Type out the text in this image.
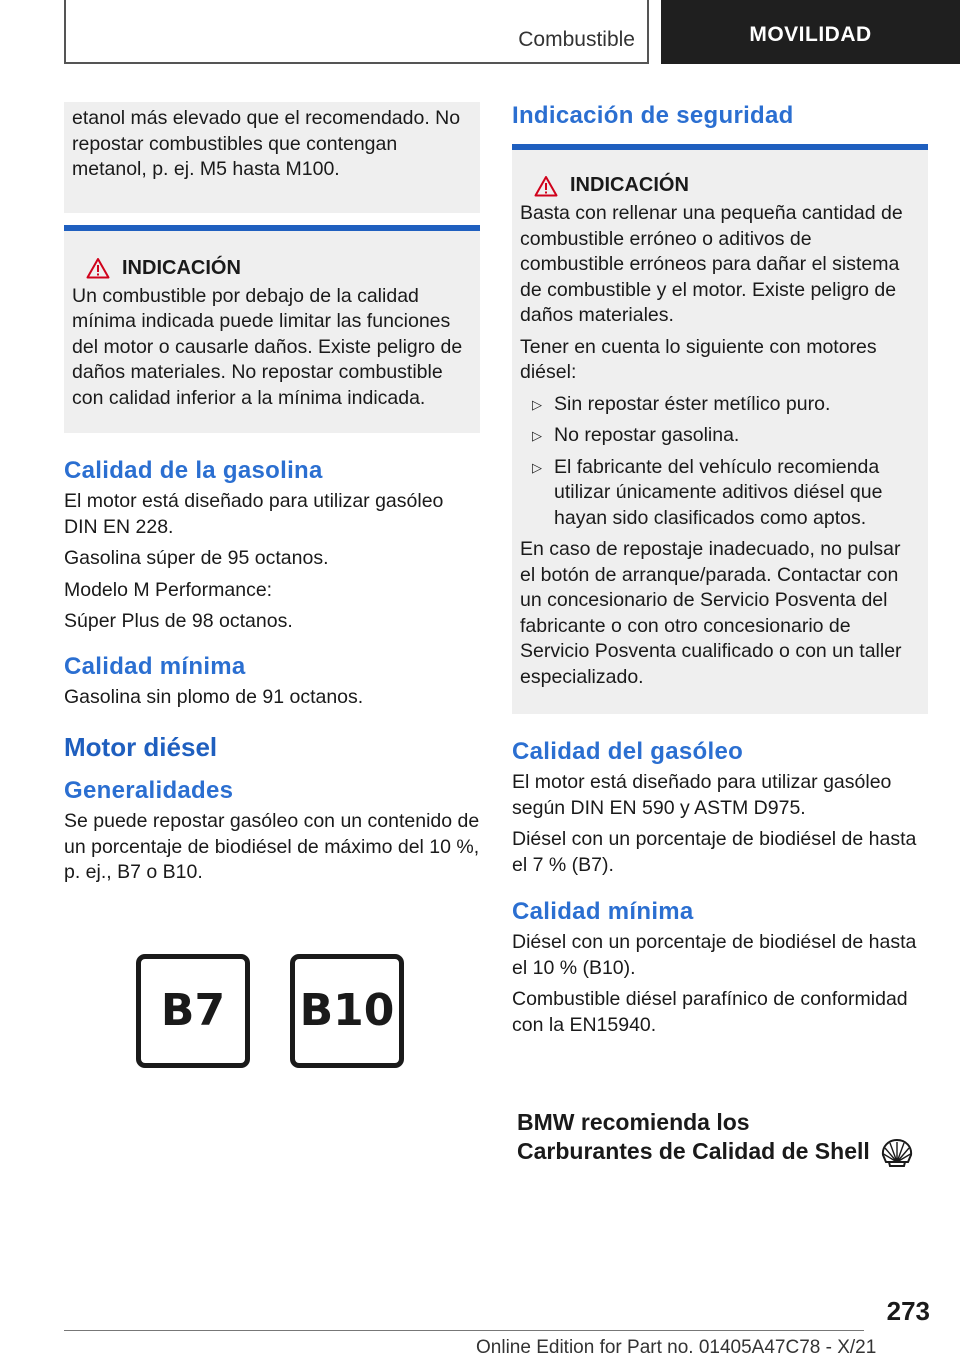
Combustible	MOVILIDAD

etanol más elevado que el recomendado. No repostar combustibles que contengan metanol, p. ej. M5 hasta M100.

INDICACIÓN

Un combustible por debajo de la calidad mínima indicada puede limitar las funciones del motor o causarle daños. Existe peligro de daños materiales. No repostar combustible con calidad inferior a la mínima indicada.

Calidad de la gasolina

El motor está diseñado para utilizar gasóleo DIN EN 228.

Gasolina súper de 95 octanos.

Modelo M Performance:

Súper Plus de 98 octanos.

Calidad mínima

Gasolina sin plomo de 91 octanos.

Motor diésel
Generalidades

Se puede repostar gasóleo con un contenido de un porcentaje de biodiésel de máximo del 10 %, p. ej., B7 o B10.

B7	B10
Indicación de seguridad
INDICACIÓN

Basta con rellenar una pequeña cantidad de combustible erróneo o aditivos de combustible erróneos para dañar el sistema de combustible y el motor. Existe peligro de daños materiales.

Tener en cuenta lo siguiente con motores diésel:

▷ Sin repostar éster metílico puro.
▷ No repostar gasolina.
▷ El fabricante del vehículo recomienda utilizar únicamente aditivos diésel que hayan sido clasificados como aptos.

En caso de repostaje inadecuado, no pulsar el botón de arranque/parada. Contactar con un concesionario de Servicio Posventa del fabricante o con otro concesionario de Servicio Posventa cualificado o con un taller especializado.

Calidad del gasóleo

El motor está diseñado para utilizar gasóleo según DIN EN 590 y ASTM D975.

Diésel con un porcentaje de biodiésel de hasta el 7 % (B7).

Calidad mínima

Diésel con un porcentaje de biodiésel de hasta el 10 % (B10).

Combustible diésel parafínico de conformidad con la EN15940.

BMW recomienda los
Carburantes de Calidad de Shell
273
Online Edition for Part no. 01405A47C78 - X/21
